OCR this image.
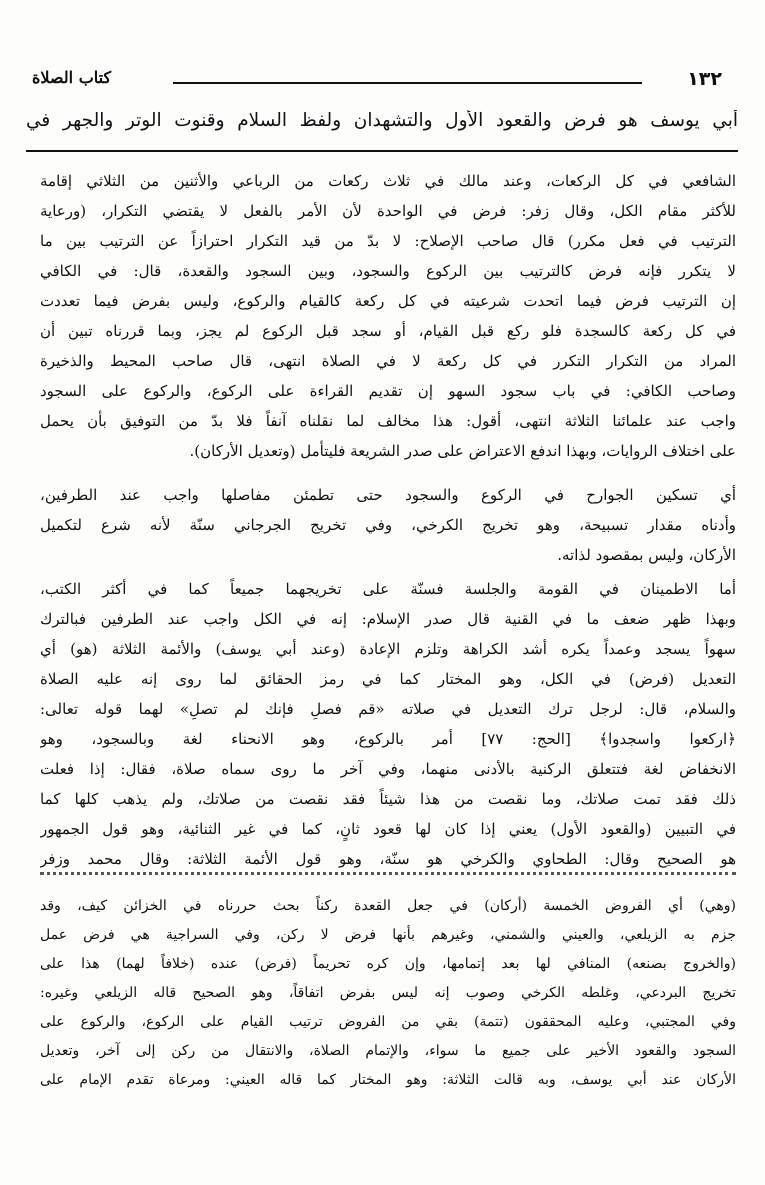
١٣٢
كتاب الصلاة
أبي يوسف هو فرض والقعود الأول والتشهدان ولفظ السلام وقنوت الوتر والجهر في
الشافعي في كل الركعات، وعند مالك في ثلاث ركعات من الرباعي والأثنين من الثلاثي إقامة
للأكثر مقام الكل، وقال زفر: فرض في الواحدة لأن الأمر بالفعل لا يقتضي التكرار، (ورعاية
الترتيب في فعل مكرر) قال صاحب الإصلاح: لا بدّ من قيد التكرار احترازاً عن الترتيب بين ما
لا يتكرر فإنه فرض كالترتيب بين الركوع والسجود، وبين السجود والقعدة، قال: في الكافي
إن الترتيب فرض فيما اتحدت شرعيته في كل ركعة كالقيام والركوع، وليس بفرض فيما تعددت
في كل ركعة كالسجدة فلو ركع قبل القيام، أو سجد قبل الركوع لم يجز، وبما قررناه تبين أن
المراد من التكرار التكرر في كل ركعة لا في الصلاة انتهى، قال صاحب المحيط والذخيرة
وصاحب الكافي: في باب سجود السهو إن تقديم القراءة على الركوع، والركوع على السجود
واجب عند علمائنا الثلاثة انتهى، أقول: هذا مخالف لما نقلناه آنفاً فلا بدّ من التوفيق بأن يحمل
على اختلاف الروايات، وبهذا اندفع الاعتراض على صدر الشريعة فليتأمل (وتعديل الأركان).
أي تسكين الجوارح في الركوع والسجود حتى تطمئن مفاصلها واجب عند الطرفين،
وأدناه مقدار تسبيحة، وهو تخريج الكرخي، وفي تخريج الجرجاني سنّة لأنه شرع لتكميل
الأركان، وليس بمقصود لذاته.
أما الاطمينان في القومة والجلسة فسنّة على تخريجهما جميعاً كما في أكثر الكتب،
وبهذا ظهر ضعف ما في القنية قال صدر الإسلام: إنه في الكل واجب عند الطرفين فبالترك
سهواً يسجد وعمداً يكره أشد الكراهة وتلزم الإعادة (وعند أبي يوسف) والأئمة الثلاثة (هو) أي
التعديل (فرض) في الكل، وهو المختار كما في رمز الحقائق لما روى إنه عليه الصلاة
والسلام، قال: لرجل ترك التعديل في صلاته «قم فصلِ فإنك لم تصلِ» لهما قوله تعالى:
﴿اركعوا واسجدوا﴾ [الحج: ٧٧] أمر بالركوع، وهو الانحناء لغة وبالسجود، وهو
الانخفاض لغة فتتعلق الركنية بالأدنى منهما، وفي آخر ما روى سماه صلاة، فقال: إذا فعلت
ذلك فقد تمت صلاتك، وما نقصت من هذا شيئاً فقد نقصت من صلاتك، ولم يذهب كلها كما
في التبيين (والقعود الأول) يعني إذا كان لها قعود ثانٍ، كما في غير الثنائية، وهو قول الجمهور
هو الصحيح وقال: الطحاوي والكرخي هو سنّة، وهو قول الأئمة الثلاثة: وقال محمد وزفر
(وهي) أي الفروض الخمسة (أركان) في جعل القعدة ركناً بحث حررناه في الخزائن كيف، وقد
جزم به الزيلعي، والعيني والشمني، وغيرهم بأنها فرض لا ركن، وفي السراجية هي فرض عمل
(والخروج بصنعه) المنافي لها بعد إتمامها، وإن كره تحريماً (فرض) عنده (خلافاً لهما) هذا على
تخريج البردعي، وغلطه الكرخي وصوب إنه ليس بفرض اتفاقاً، وهو الصحيح قاله الزيلعي وغيره:
وفي المجتبي، وعليه المحققون (تتمة) بقي من الفروض ترتيب القيام على الركوع، والركوع على
السجود والقعود الأخير على جميع ما سواء، والإتمام الصلاة، والانتقال من ركن إلى آخر، وتعديل
الأركان عند أبي يوسف، وبه قالت الثلاثة: وهو المختار كما قاله العيني: ومرعاة تقدم الإمام على
